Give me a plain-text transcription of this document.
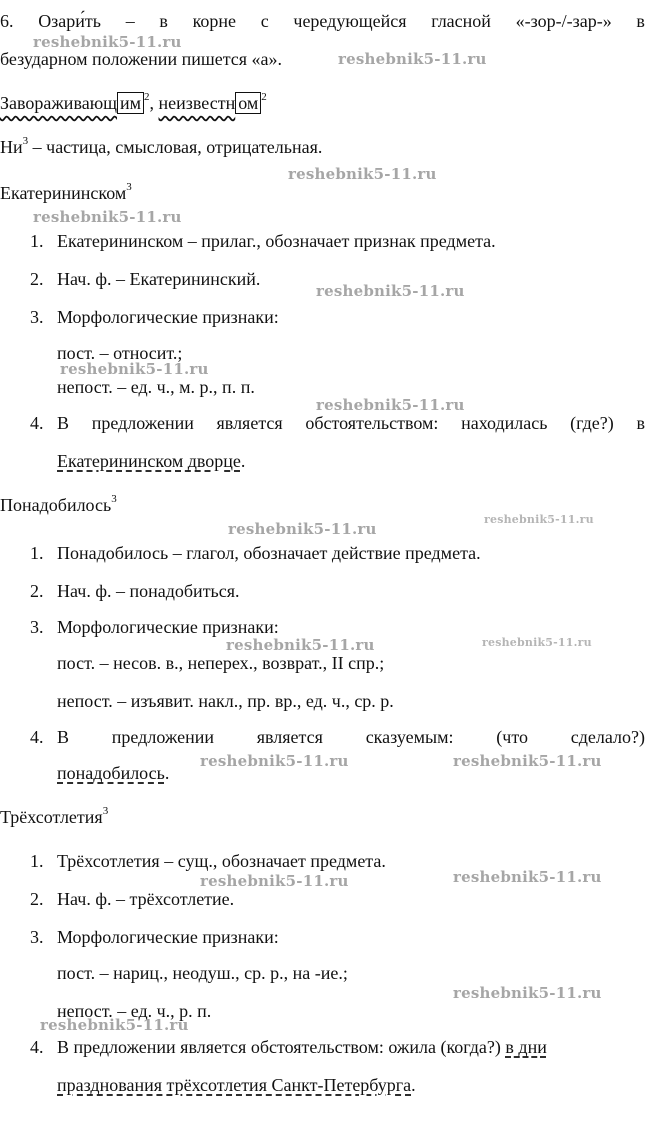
6. Озари́ть – в корне с чередующейся гласной «-зор-/-зар-» в
безударном положении пишется «а».
Завораживающ им $^2$, неизвестн ом $^2$
$Ни^3$ – частица, смысловая, отрицательная.
Екатерининском$^3$
1. Екатерининском – прилаг., обозначает признак предмета.
2. Нач. ф. – Екатерининский.
3. Морфологические признаки:
пост. – относит.;
непост. – ед. ч., м. р., п. п.
4. В предложении является обстоятельством: находилась (где?) в
Екатерининском дворце.
Понадобилось$^3$
1. Понадобилось – глагол, обозначает действие предмета.
2. Нач. ф. – понадобиться.
3. Морфологические признаки:
пост. – несов. в., неперех., возврат., II спр.;
непост. – изъявит. накл., пр. вр., ед. ч., ср. р.
4. В предложении является сказуемым: (что сделало?)
понадобилось.
Трёхсотлетия$^3$
1. Трёхсотлетия – сущ., обозначает предмета.
2. Нач. ф. – трёхсотлетие.
3. Морфологические признаки:
пост. – нариц., неодуш., ср. р., на -ие.;
непост. – ед. ч., р. п.
4. В предложении является обстоятельством: ожила (когда?) в дни
празднования трёхсотлетия Санкт-Петербурга.
reshebnik5-11.ru
reshebnik5-11.ru
reshebnik5-11.ru
reshebnik5-11.ru
reshebnik5-11.ru
reshebnik5-11.ru
reshebnik5-11.ru
reshebnik5-11.ru
reshebnik5-11.ru
reshebnik5-11.ru	reshebnik5-11.ru
reshebnik5-11.ru	reshebnik5-11.ru
reshebnik5-11.ru	reshebnik5-11.ru
reshebnik5-11.ru
reshebnik5-11.ru
